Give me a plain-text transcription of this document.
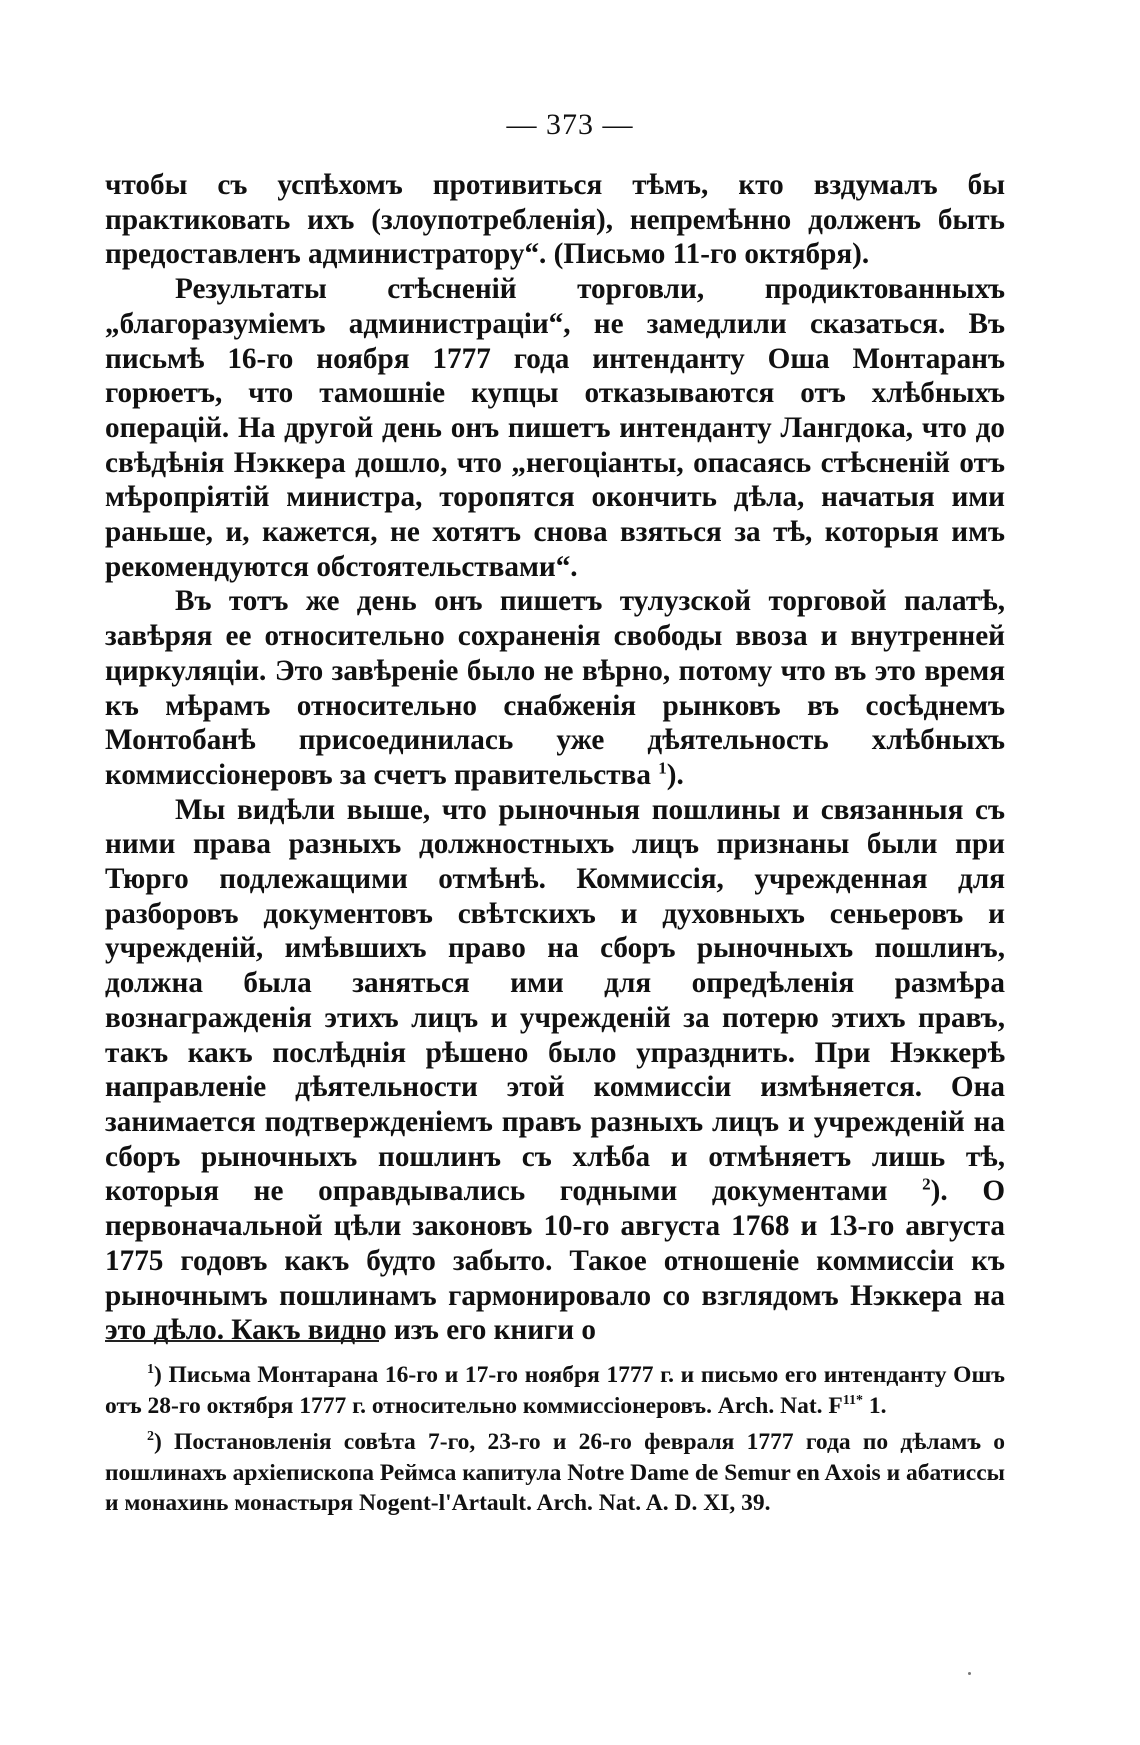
— 373 —

чтобы съ успѣхомъ противиться тѣмъ, кто вздумалъ бы практиковать ихъ (злоупотребленія), непремѣнно долженъ быть предоставленъ администратору“. (Письмо 11-го октября).

Результаты стѣсненій торговли, продиктованныхъ „благоразуміемъ администраціи“, не замедлили сказаться. Въ письмѣ 16-го ноября 1777 года интенданту Оша Монтаранъ горюетъ, что тамошніе купцы отказываются отъ хлѣбныхъ операцій. На другой день онъ пишетъ интенданту Лангдока, что до свѣдѣнія Нэккера дошло, что „негоціанты, опасаясь стѣсненій отъ мѣропріятій министра, торопятся окончить дѣла, начатыя ими раньше, и, кажется, не хотятъ снова взяться за тѣ, которыя имъ рекомендуются обстоятельствами“.

Въ тотъ же день онъ пишетъ тулузской торговой палатѣ, завѣряя ее относительно сохраненія свободы ввоза и внутренней циркуляціи. Это завѣреніе было не вѣрно, потому что въ это время къ мѣрамъ относительно снабженія рынковъ въ сосѣднемъ Монтобанѣ присоединилась уже дѣятельность хлѣбныхъ коммиссіонеровъ за счетъ правительства $^1$).

Мы видѣли выше, что рыночныя пошлины и связанныя съ ними права разныхъ должностныхъ лицъ признаны были при Тюрго подлежащими отмѣнѣ. Коммиссія, учрежденная для разборовъ документовъ свѣтскихъ и духовныхъ сеньеровъ и учрежденій, имѣвшихъ право на сборъ рыночныхъ пошлинъ, должна была заняться ими для опредѣленія размѣра вознагражденія этихъ лицъ и учрежденій за потерю этихъ правъ, такъ какъ послѣднія рѣшено было упразднить. При Нэккерѣ направленіе дѣятельности этой коммиссіи измѣняется. Она занимается подтвержденіемъ правъ разныхъ лицъ и учрежденій на сборъ рыночныхъ пошлинъ съ хлѣба и отмѣняетъ лишь тѣ, которыя не оправдывались годными документами $^2$). О первоначальной цѣли законовъ 10-го августа 1768 и 13-го августа 1775 годовъ какъ будто забыто. Такое отношеніе коммиссіи къ рыночнымъ пошлинамъ гармонировало со взглядомъ Нэккера на это дѣло. Какъ видно изъ его книги о

$^1$) Письма Монтарана 16-го и 17-го ноября 1777 г. и письмо его интенданту Ошъ отъ 28-го октября 1777 г. относительно коммиссіонеровъ. Arch. Nat. $F^{11*}$ 1.

$^2$) Постановленія совѣта 7-го, 23-го и 26-го февраля 1777 года по дѣламъ о пошлинахъ архіепископа Реймса капитула Notre Dame de Semur en Axois и абатиссы и монахинь монастыря Nogent-l'Artault. Arch. Nat. A. D. XI, 39.
